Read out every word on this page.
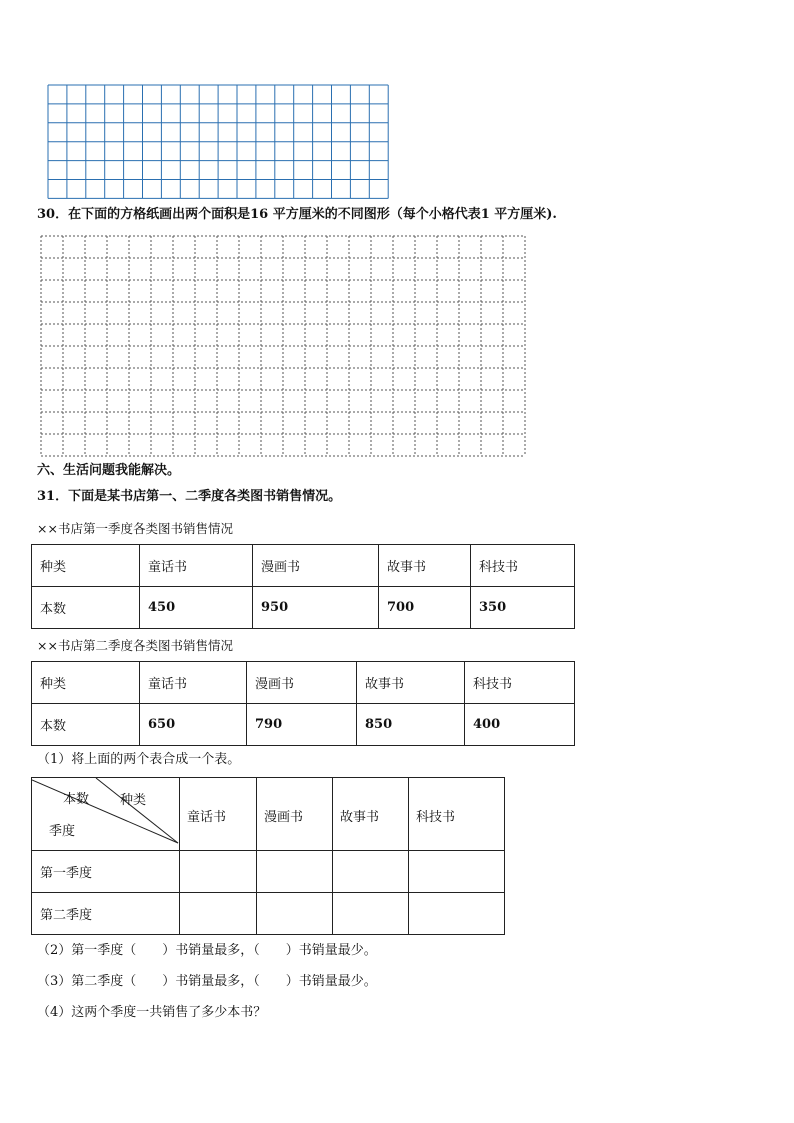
30．在下面的方格纸画出两个面积是16 平方厘米的不同图形（每个小格代表1 平方厘米).
六、生活问题我能解决。
31．下面是某书店第一、二季度各类图书销售情况。
××书店第一季度各类图书销售情况
种类	童话书	漫画书	故事书	科技书
本数	450	950	700	350
××书店第二季度各类图书销售情况
种类	童话书	漫画书	故事书	科技书
本数	650	790	850	400
（1）将上面的两个表合成一个表。
本数 种类
季度	童话书	漫画书	故事书	科技书
第一季度				
第二季度				
（2）第一季度（　　）书销量最多，（　　）书销量最少。
（3）第二季度（　　）书销量最多，（　　）书销量最少。
（4）这两个季度一共销售了多少本书？
